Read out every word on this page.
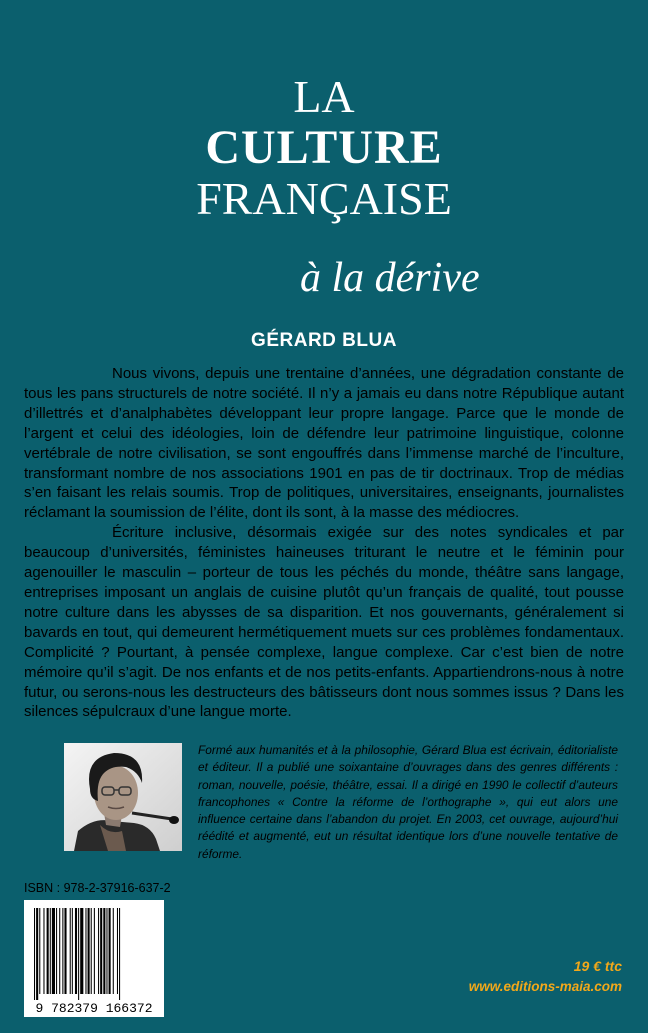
LA
CULTURE
FRANÇAISE
à la dérive
GÉRARD BLUA

Nous vivons, depuis une trentaine d’années, une dégradation constante de tous les pans structurels de notre société. Il n’y a jamais eu dans notre République autant d’illettrés et d’analphabètes développant leur propre langage. Parce que le monde de l’argent et celui des idéologies, loin de défendre leur patrimoine linguistique, colonne vertébrale de notre civilisation, se sont engouffrés dans l’immense marché de l’inculture, transformant nombre de nos associations 1901 en pas de tir doctrinaux. Trop de médias s’en faisant les relais soumis. Trop de politiques, universitaires, enseignants, journalistes réclamant la soumission de l’élite, dont ils sont, à la masse des médiocres.

Écriture inclusive, désormais exigée sur des notes syndicales et par beaucoup d’universités, féministes haineuses triturant le neutre et le féminin pour agenouiller le masculin – porteur de tous les péchés du monde, théâtre sans langage, entreprises imposant un anglais de cuisine plutôt qu’un français de qualité, tout pousse notre culture dans les abysses de sa disparition. Et nos gouvernants, généralement si bavards en tout, qui demeurent hermétiquement muets sur ces problèmes fondamentaux. Complicité ? Pourtant, à pensée complexe, langue complexe. Car c’est bien de notre mémoire qu’il s’agit. De nos enfants et de nos petits-enfants. Appartiendrons-nous à notre futur, ou serons-nous les destructeurs des bâtisseurs dont nous sommes issus ? Dans les silences sépulcraux d’une langue morte.

Formé aux humanités et à la philosophie, Gérard Blua est écrivain, éditorialiste et éditeur. Il a publié une soixantaine d’ouvrages dans des genres différents : roman, nouvelle, poésie, théâtre, essai. Il a dirigé en 1990 le collectif d’auteurs francophones « Contre la réforme de l’orthographe », qui eut alors une influence certaine dans l’abandon du projet. En 2003, cet ouvrage, aujourd’hui réédité et augmenté, eut un résultat identique lors d’une nouvelle tentative de réforme.
ISBN : 978-2-37916-637-2
9 782379 166372
19 € ttc
www.editions-maia.com
